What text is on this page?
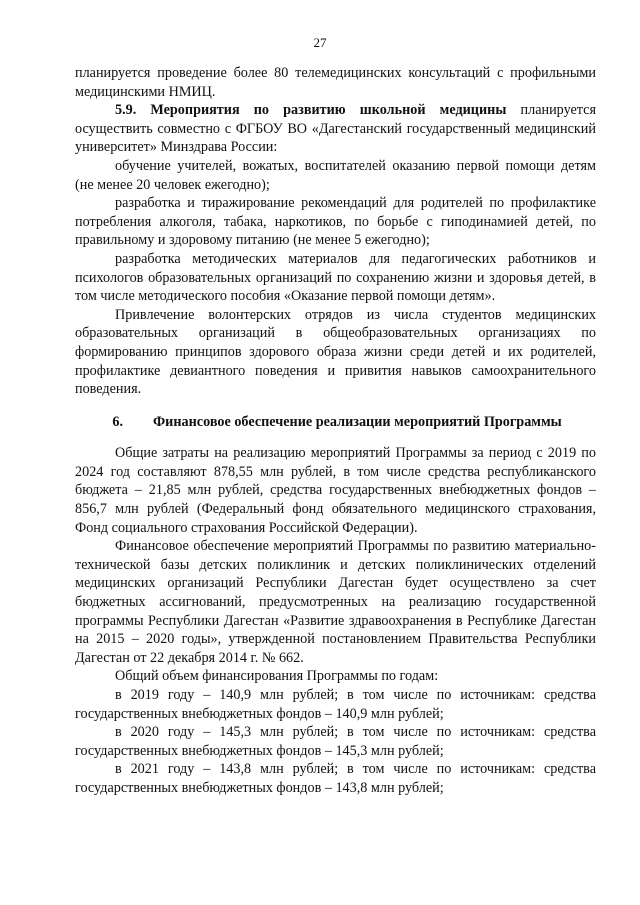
27

планируется проведение более 80 телемедицинских консультаций с профильными медицинскими НМИЦ.

5.9. Мероприятия по развитию школьной медицины планируется осуществить совместно с ФГБОУ ВО «Дагестанский государственный медицинский университет» Минздрава России:

обучение учителей, вожатых, воспитателей оказанию первой помощи детям (не менее 20 человек ежегодно);

разработка и тиражирование рекомендаций для родителей по профилактике потребления алкоголя, табака, наркотиков, по борьбе с гиподинамией детей, по правильному и здоровому питанию (не менее 5 ежегодно);

разработка методических материалов для педагогических работников и психологов образовательных организаций по сохранению жизни и здоровья детей, в том числе методического пособия «Оказание первой помощи детям».

Привлечение волонтерских отрядов из числа студентов медицинских образовательных организаций в общеобразовательных организациях по формированию принципов здорового образа жизни среди детей и их родителей, профилактике девиантного поведения и привития навыков самоохранительного поведения.

6.	Финансовое обеспечение реализации мероприятий Программы

Общие затраты на реализацию мероприятий Программы за период с 2019 по 2024 год составляют 878,55 млн рублей, в том числе средства республиканского бюджета – 21,85 млн рублей, средства государственных внебюджетных фондов – 856,7 млн рублей (Федеральный фонд обязательного медицинского страхования, Фонд социального страхования Российской Федерации).

Финансовое обеспечение мероприятий Программы по развитию материально-технической базы детских поликлиник и детских поликлинических отделений медицинских организаций Республики Дагестан будет осуществлено за счет бюджетных ассигнований, предусмотренных на реализацию государственной программы Республики Дагестан «Развитие здравоохранения в Республике Дагестан на 2015 – 2020 годы», утвержденной постановлением Правительства Республики Дагестан от 22 декабря 2014 г. № 662.

Общий объем финансирования Программы по годам:

в 2019 году – 140,9 млн рублей; в том числе по источникам: средства государственных внебюджетных фондов – 140,9 млн рублей;

в 2020 году – 145,3 млн рублей; в том числе по источникам: средства государственных внебюджетных фондов – 145,3 млн рублей;

в 2021 году – 143,8 млн рублей; в том числе по источникам: средства государственных внебюджетных фондов – 143,8 млн рублей;
